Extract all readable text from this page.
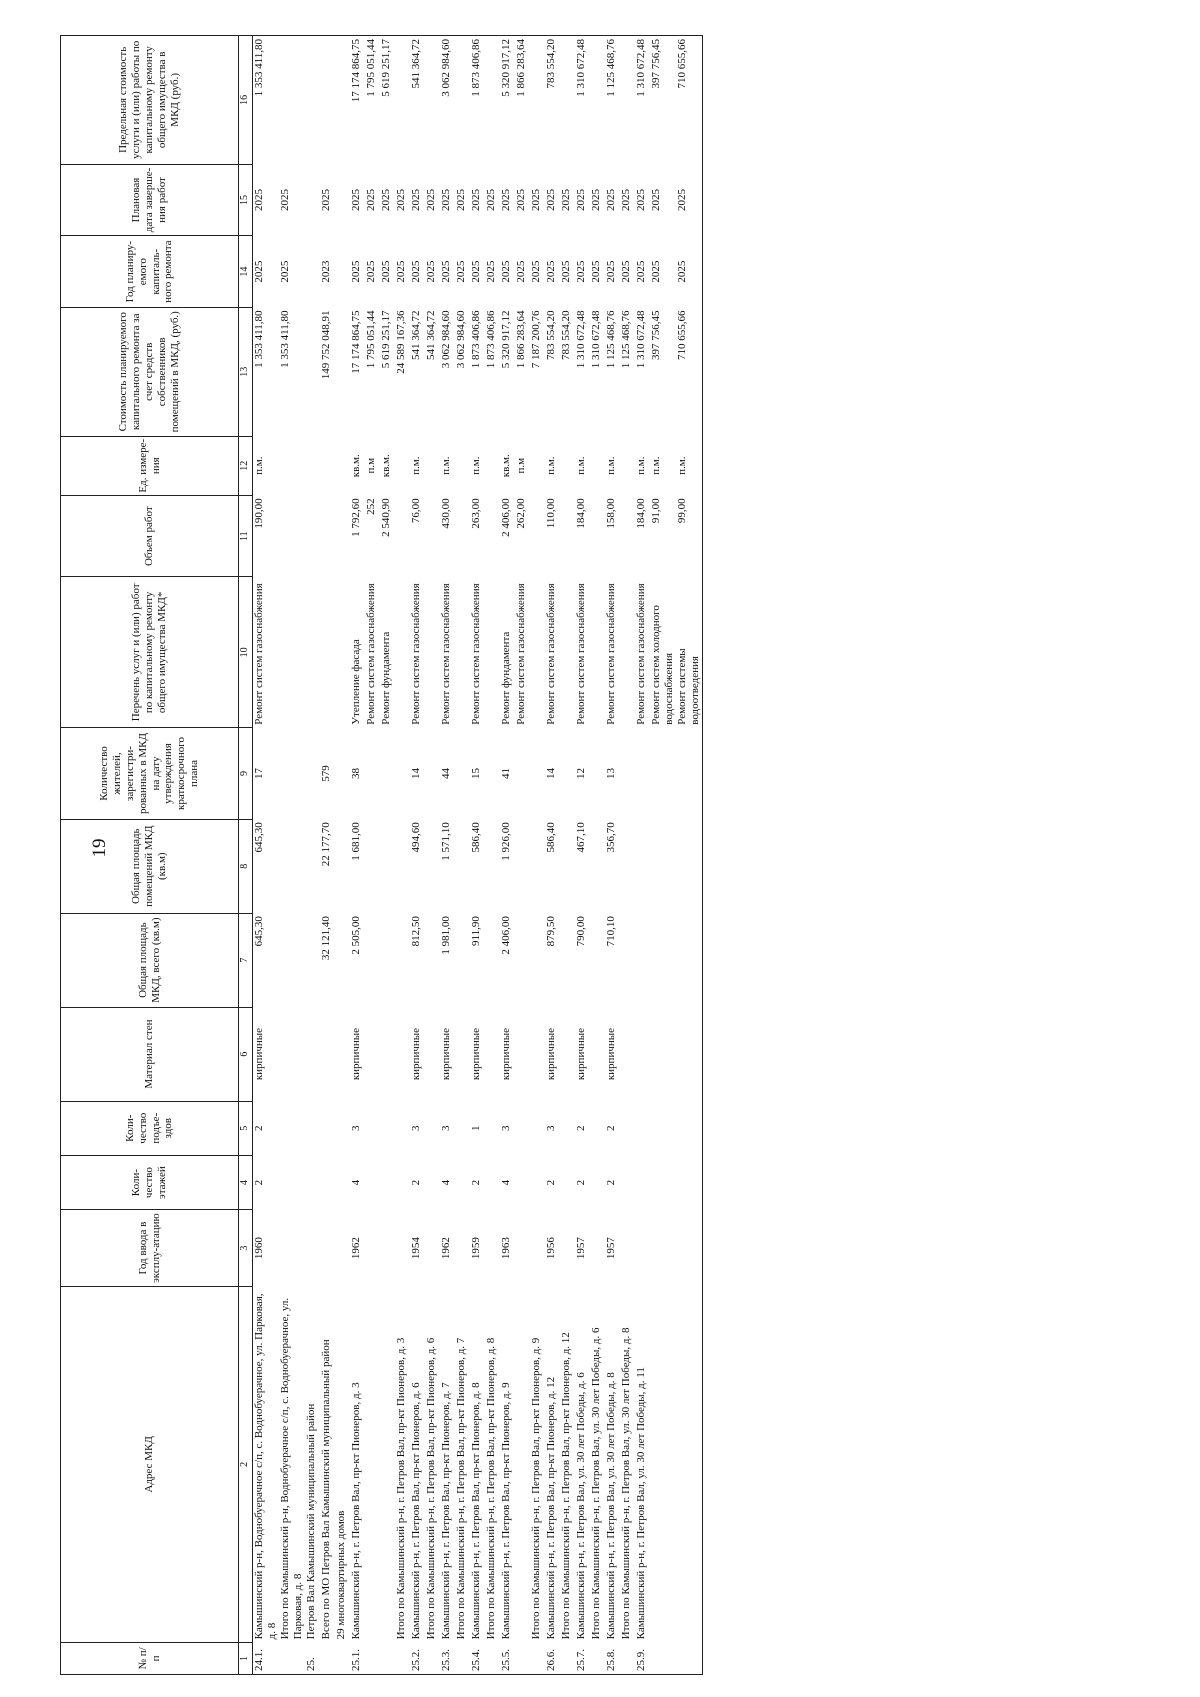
19
№ п/п	Адрес МКД	Год ввода в эксплу-атацию	Коли-чество этажей	Коли-чество подъе-здов	Материал стен	Общая площадь МКД, всего (кв.м)	Общая площадь помещений МКД (кв.м)	Количество жителей, зарегистри-рованных в МКД на дату утверждения краткосрочного плана	Перечень услуг и (или) работ по капитальному ремонту общего имущества МКД*	Объем работ	Ед. измере-ния	Стоимость планируемого капитального ремонта за счет средств собственников помещений в МКД, (руб.)	Год планиру-емого капиталь-ного ремонта	Плановая дата заверше-ния работ	Предельная стоимость услуги и (или) работы по капитальному ремонту общего имущества в МКД (руб.)
1	2	3	4	5	6	7	8	9	10	11	12	13	14	15	16
24.1.	Камышинский р-н, Воднобуерачное с/п, с. Воднобуерачное, ул. Парковая, д. 8	1960	2	2	кирпичные	645,30	645,30	17	Ремонт систем газоснабжения	190,00	п.м.	1 353 411,80	2025	2025	1 353 411,80
	Итого по Камышинский р-н, Воднобуерачное с/п, с. Воднобуерачное, ул. Парковая, д. 8											1 353 411,80	2025	2025	
25.	Петров Вал Камышинский муниципальный район														
	Всего по МО Петров Вал Камышинский муниципальный район					32 121,40	22 177,70	579				149 752 048,91	2023	2025	
	29 многоквартирных домов														
25.1.	Камышинский р-н, г. Петров Вал, пр-кт Пионеров, д. 3	1962	4	3	кирпичные	2 505,00	1 681,00	38	Утепление фасада	1 792,60	кв.м.	17 174 864,75	2025	2025	17 174 864,75
									Ремонт систем газоснабжения	252	п.м	1 795 051,44	2025	2025	1 795 051,44
									Ремонт фундамента	2 540,90	кв.м.	5 619 251,17	2025	2025	5 619 251,17
	Итого по Камышинский р-н, г. Петров Вал, пр-кт Пионеров, д. 3											24 589 167,36	2025	2025	
25.2.	Камышинский р-н, г. Петров Вал, пр-кт Пионеров, д. 6	1954	2	3	кирпичные	812,50	494,60	14	Ремонт систем газоснабжения	76,00	п.м.	541 364,72	2025	2025	541 364,72
	Итого по Камышинский р-н, г. Петров Вал, пр-кт Пионеров, д. 6											541 364,72	2025	2025	
25.3.	Камышинский р-н, г. Петров Вал, пр-кт Пионеров, д. 7	1962	4	3	кирпичные	1 981,00	1 571,10	44	Ремонт систем газоснабжения	430,00	п.м.	3 062 984,60	2025	2025	3 062 984,60
	Итого по Камышинский р-н, г. Петров Вал, пр-кт Пионеров, д. 7											3 062 984,60	2025	2025	
25.4.	Камышинский р-н, г. Петров Вал, пр-кт Пионеров, д. 8	1959	2	1	кирпичные	911,90	586,40	15	Ремонт систем газоснабжения	263,00	п.м.	1 873 406,86	2025	2025	1 873 406,86
	Итого по Камышинский р-н, г. Петров Вал, пр-кт Пионеров, д. 8											1 873 406,86	2025	2025	
25.5.	Камышинский р-н, г. Петров Вал, пр-кт Пионеров, д. 9	1963	4	3	кирпичные	2 406,00	1 926,00	41	Ремонт фундамента	2 406,00	кв.м.	5 320 917,12	2025	2025	5 320 917,12
									Ремонт систем газоснабжения	262,00	п.м	1 866 283,64	2025	2025	1 866 283,64
	Итого по Камышинский р-н, г. Петров Вал, пр-кт Пионеров, д. 9											7 187 200,76	2025	2025	
26.6.	Камышинский р-н, г. Петров Вал, пр-кт Пионеров, д. 12	1956	2	3	кирпичные	879,50	586,40	14	Ремонт систем газоснабжения	110,00	п.м.	783 554,20	2025	2025	783 554,20
	Итого по Камышинский р-н, г. Петров Вал, пр-кт Пионеров, д. 12											783 554,20	2025	2025	
25.7.	Камышинский р-н, г. Петров Вал, ул. 30 лет Победы, д. 6	1957	2	2	кирпичные	790,00	467,10	12	Ремонт систем газоснабжения	184,00	п.м.	1 310 672,48	2025	2025	1 310 672,48
	Итого по Камышинский р-н, г. Петров Вал, ул. 30 лет Победы, д. 6											1 310 672,48	2025	2025	
25.8.	Камышинский р-н, г. Петров Вал, ул. 30 лет Победы, д. 8	1957	2	2	кирпичные	710,10	356,70	13	Ремонт систем газоснабжения	158,00	п.м.	1 125 468,76	2025	2025	1 125 468,76
	Итого по Камышинский р-н, г. Петров Вал, ул. 30 лет Победы, д. 8											1 125 468,76	2025	2025	
25.9.	Камышинский р-н, г. Петров Вал, ул. 30 лет Победы, д. 11								Ремонт систем газоснабжения	184,00	п.м.	1 310 672,48	2025	2025	1 310 672,48
									Ремонт систем холодного водоснабжения	91,00	п.м.	397 756,45	2025	2025	397 756,45
									Ремонт системы водоотведения	99,00	п.м.	710 655,66	2025	2025	710 655,66
